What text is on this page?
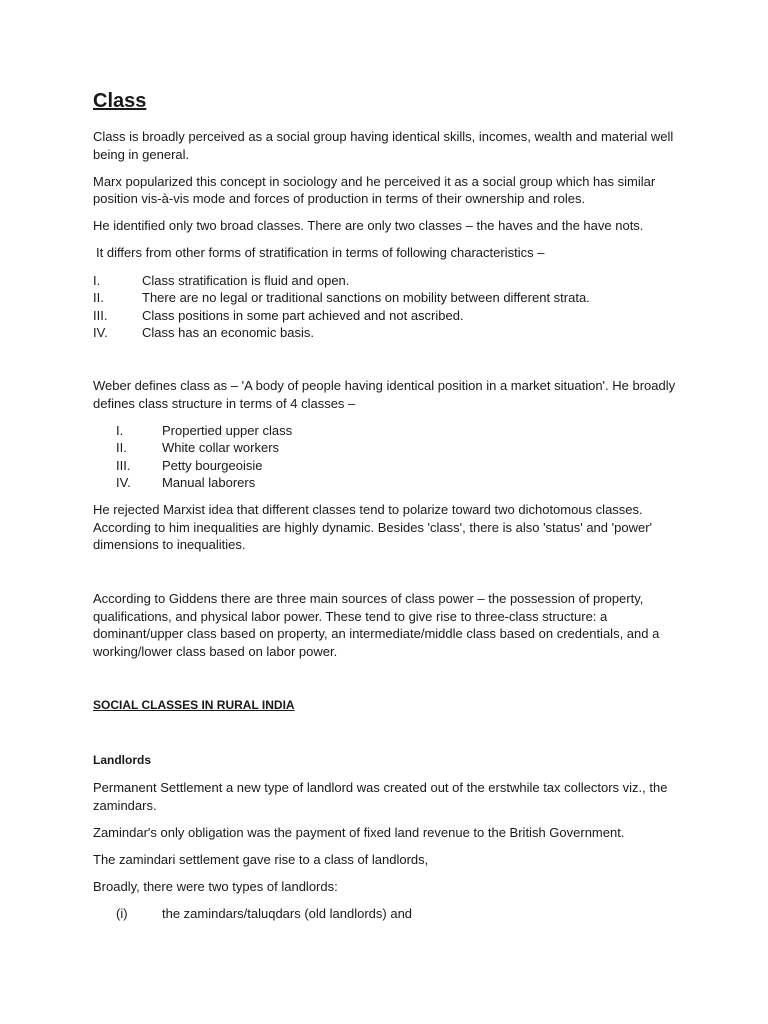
Class

Class is broadly perceived as a social group having identical skills, incomes, wealth and material well being in general.

Marx popularized this concept in sociology and he perceived it as a social group which has similar position vis-à-vis mode and forces of production in terms of their ownership and roles.

He identified only two broad classes. There are only two classes – the haves and the have nots.

It differs from other forms of stratification in terms of following characteristics –

I.	Class stratification is fluid and open.
II.	There are no legal or traditional sanctions on mobility between different strata.
III.	Class positions in some part achieved and not ascribed.
IV.	Class has an economic basis.

Weber defines class as – 'A body of people having identical position in a market situation'. He broadly defines class structure in terms of 4 classes –

I.	Propertied upper class
II.	White collar workers
III.	Petty bourgeoisie
IV.	Manual laborers

He rejected Marxist idea that different classes tend to polarize toward two dichotomous classes. According to him inequalities are highly dynamic. Besides 'class', there is also 'status' and 'power' dimensions to inequalities.

According to Giddens there are three main sources of class power – the possession of property, qualifications, and physical labor power. These tend to give rise to three-class structure: a dominant/upper class based on property, an intermediate/middle class based on credentials, and a working/lower class based on labor power.

SOCIAL CLASSES IN RURAL INDIA

Landlords

Permanent Settlement a new type of landlord was created out of the erstwhile tax collectors viz., the zamindars.

Zamindar's only obligation was the payment of fixed land revenue to the British Government.

The zamindari settlement gave rise to a class of landlords,

Broadly, there were two types of landlords:

(i)	the zamindars/taluqdars (old landlords) and
